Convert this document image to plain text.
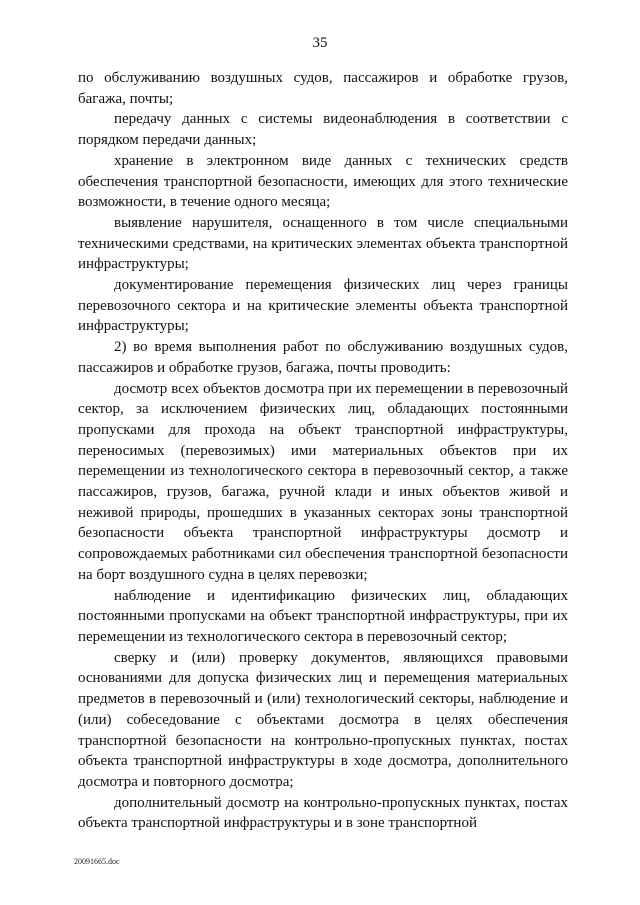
35

по обслуживанию воздушных судов, пассажиров и обработке грузов, багажа, почты;

передачу данных с системы видеонаблюдения в соответствии с порядком передачи данных;

хранение в электронном виде данных с технических средств обеспечения транспортной безопасности, имеющих для этого технические возможности, в течение одного месяца;

выявление нарушителя, оснащенного в том числе специальными техническими средствами, на критических элементах объекта транспортной инфраструктуры;

документирование перемещения физических лиц через границы перевозочного сектора и на критические элементы объекта транспортной инфраструктуры;

2) во время выполнения работ по обслуживанию воздушных судов, пассажиров и обработке грузов, багажа, почты проводить:

досмотр всех объектов досмотра при их перемещении в перевозочный сектор, за исключением физических лиц, обладающих постоянными пропусками для прохода на объект транспортной инфраструктуры, переносимых (перевозимых) ими материальных объектов при их перемещении из технологического сектора в перевозочный сектор, а также пассажиров, грузов, багажа, ручной клади и иных объектов живой и неживой природы, прошедших в указанных секторах зоны транспортной безопасности объекта транспортной инфраструктуры досмотр и сопровождаемых работниками сил обеспечения транспортной безопасности на борт воздушного судна в целях перевозки;

наблюдение и идентификацию физических лиц, обладающих постоянными пропусками на объект транспортной инфраструктуры, при их перемещении из технологического сектора в перевозочный сектор;

сверку и (или) проверку документов, являющихся правовыми основаниями для допуска физических лиц и перемещения материальных предметов в перевозочный и (или) технологический секторы, наблюдение и (или) собеседование с объектами досмотра в целях обеспечения транспортной безопасности на контрольно-пропускных пунктах, постах объекта транспортной инфраструктуры в ходе досмотра, дополнительного досмотра и повторного досмотра;

дополнительный досмотр на контрольно-пропускных пунктах, постах объекта транспортной инфраструктуры и в зоне транспортной

20091665.doc
